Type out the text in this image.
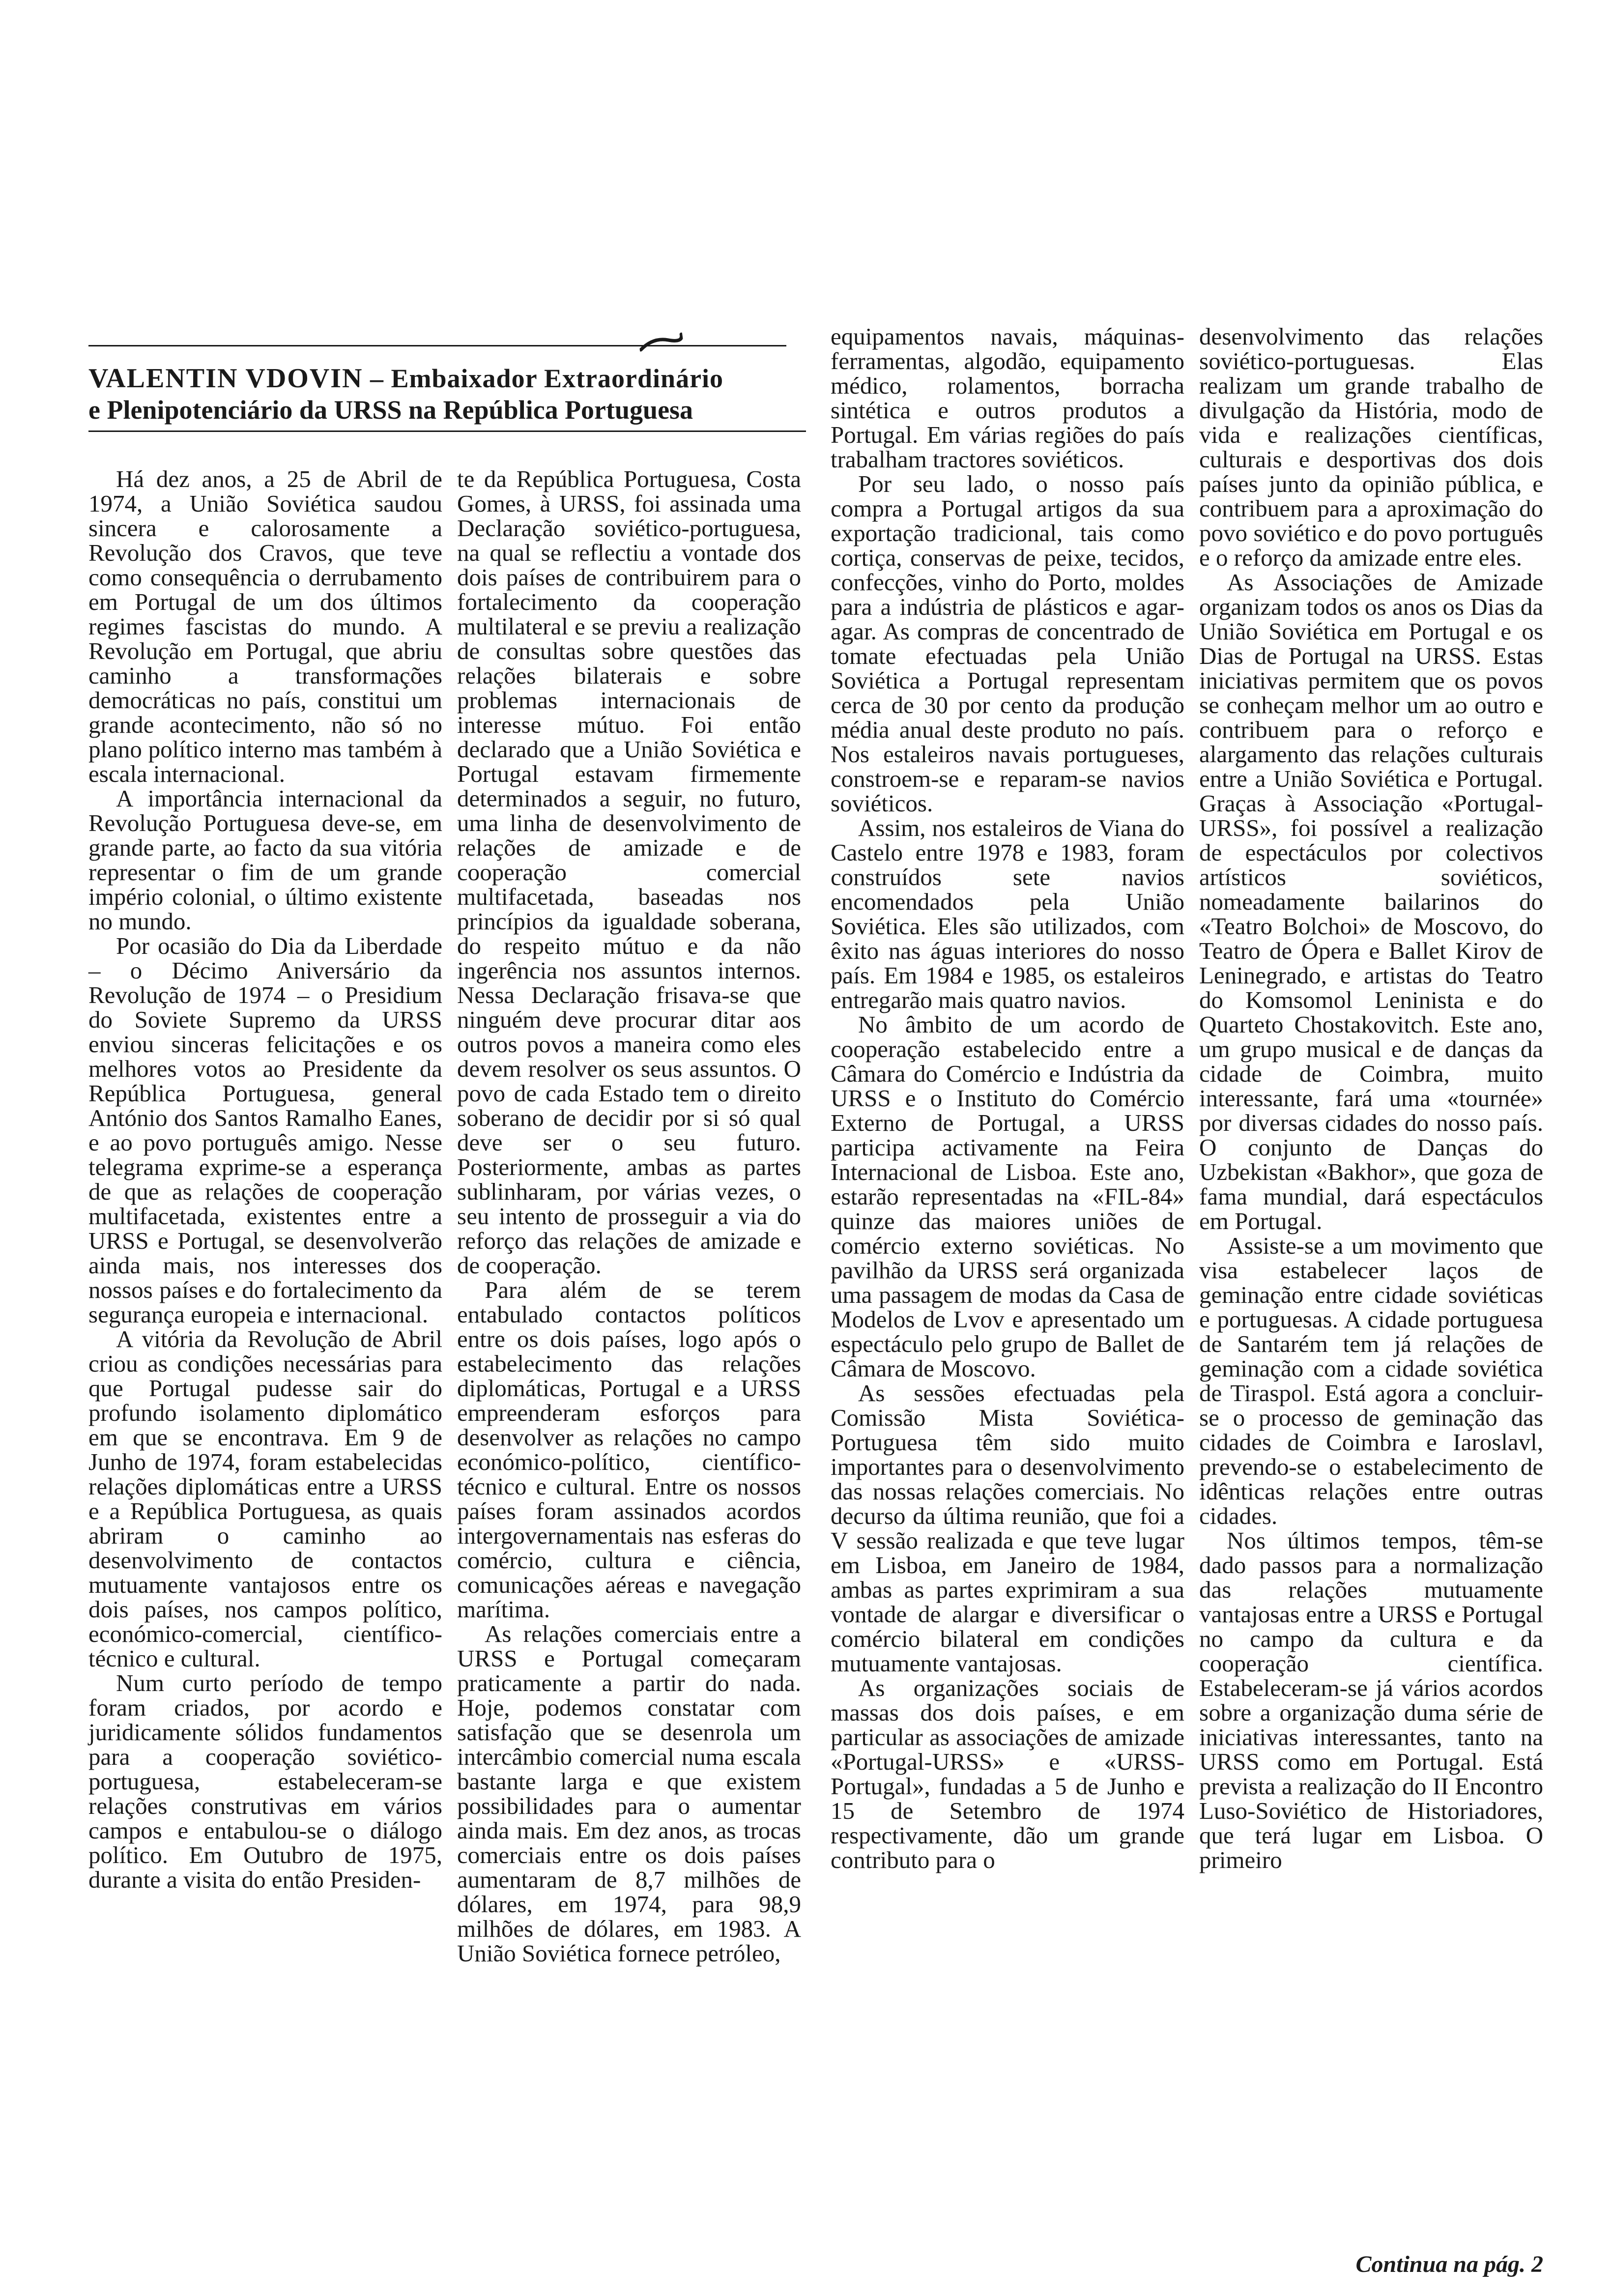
VALENTIN VDOVIN – Embaixador Extraordinário
e Plenipotenciário da URSS na República Portuguesa

Há dez anos, a 25 de Abril de 1974, a União Soviética saudou sincera e calorosamente a Revolução dos Cravos, que teve como consequência o derrubamento em Portugal de um dos últimos regimes fascistas do mundo. A Revolução em Portugal, que abriu caminho a transformações democráticas no país, constitui um grande acontecimento, não só no plano político interno mas também à escala internacional.

A importância internacional da Revolução Portuguesa deve-se, em grande parte, ao facto da sua vitória representar o fim de um grande império colonial, o último existente no mundo.

Por ocasião do Dia da Liberdade – o Décimo Aniversário da Revolução de 1974 – o Presidium do Soviete Supremo da URSS enviou sinceras felicitações e os melhores votos ao Presidente da República Portuguesa, general António dos Santos Ramalho Eanes, e ao povo português amigo. Nesse telegrama exprime-se a esperança de que as relações de cooperação multifacetada, existentes entre a URSS e Portugal, se desenvolverão ainda mais, nos interesses dos nossos países e do fortalecimento da segurança europeia e internacional.

A vitória da Revolução de Abril criou as condições necessárias para que Portugal pudesse sair do profundo isolamento diplomático em que se encontrava. Em 9 de Junho de 1974, foram estabelecidas relações diplomáticas entre a URSS e a República Portuguesa, as quais abriram o caminho ao desenvolvimento de contactos mutuamente vantajosos entre os dois países, nos campos político, económico-comercial, científico-técnico e cultural.

Num curto período de tempo foram criados, por acordo e juridicamente sólidos fundamentos para a cooperação soviético-portuguesa, estabeleceram-se relações construtivas em vários campos e entabulou-se o diálogo político. Em Outubro de 1975, durante a visita do então Presiden-

te da República Portuguesa, Costa Gomes, à URSS, foi assinada uma Declaração soviético-portuguesa, na qual se reflectiu a vontade dos dois países de contribuirem para o fortalecimento da cooperação multilateral e se previu a realização de consultas sobre questões das relações bilaterais e sobre problemas internacionais de interesse mútuo. Foi então declarado que a União Soviética e Portugal estavam firmemente determinados a seguir, no futuro, uma linha de desenvolvimento de relações de amizade e de cooperação comercial multifacetada, baseadas nos princípios da igualdade soberana, do respeito mútuo e da não ingerência nos assuntos internos. Nessa Declaração frisava-se que ninguém deve procurar ditar aos outros povos a maneira como eles devem resolver os seus assuntos. O povo de cada Estado tem o direito soberano de decidir por si só qual deve ser o seu futuro. Posteriormente, ambas as partes sublinharam, por várias vezes, o seu intento de prosseguir a via do reforço das relações de amizade e de cooperação.

Para além de se terem entabulado contactos políticos entre os dois países, logo após o estabelecimento das relações diplomáticas, Portugal e a URSS empreenderam esforços para desenvolver as relações no campo económico-político, científico-técnico e cultural. Entre os nossos países foram assinados acordos intergovernamentais nas esferas do comércio, cultura e ciência, comunicações aéreas e navegação marítima.

As relações comerciais entre a URSS e Portugal começaram praticamente a partir do nada. Hoje, podemos constatar com satisfação que se desenrola um intercâmbio comercial numa escala bastante larga e que existem possibilidades para o aumentar ainda mais. Em dez anos, as trocas comerciais entre os dois países aumentaram de 8,7 milhões de dólares, em 1974, para 98,9 milhões de dólares, em 1983. A União Soviética fornece petróleo,

equipamentos navais, máquinas-ferramentas, algodão, equipamento médico, rolamentos, borracha sintética e outros produtos a Portugal. Em várias regiões do país trabalham tractores soviéticos.

Por seu lado, o nosso país compra a Portugal artigos da sua exportação tradicional, tais como cortiça, conservas de peixe, tecidos, confecções, vinho do Porto, moldes para a indústria de plásticos e agar-agar. As compras de concentrado de tomate efectuadas pela União Soviética a Portugal representam cerca de 30 por cento da produção média anual deste produto no país. Nos estaleiros navais portugueses, constroem-se e reparam-se navios soviéticos.

Assim, nos estaleiros de Viana do Castelo entre 1978 e 1983, foram construídos sete navios encomendados pela União Soviética. Eles são utilizados, com êxito nas águas interiores do nosso país. Em 1984 e 1985, os estaleiros entregarão mais quatro navios.

No âmbito de um acordo de cooperação estabelecido entre a Câmara do Comércio e Indústria da URSS e o Instituto do Comércio Externo de Portugal, a URSS participa activamente na Feira Internacional de Lisboa. Este ano, estarão representadas na «FIL-84» quinze das maiores uniões de comércio externo soviéticas. No pavilhão da URSS será organizada uma passagem de modas da Casa de Modelos de Lvov e apresentado um espectáculo pelo grupo de Ballet de Câmara de Moscovo.

As sessões efectuadas pela Comissão Mista Soviética-Portuguesa têm sido muito importantes para o desenvolvimento das nossas relações comerciais. No decurso da última reunião, que foi a V sessão realizada e que teve lugar em Lisboa, em Janeiro de 1984, ambas as partes exprimiram a sua vontade de alargar e diversificar o comércio bilateral em condições mutuamente vantajosas.

As organizações sociais de massas dos dois países, e em particular as associações de amizade «Portugal-URSS» e «URSS-Portugal», fundadas a 5 de Junho e 15 de Setembro de 1974 respectivamente, dão um grande contributo para o

desenvolvimento das relações soviético-portuguesas. Elas realizam um grande trabalho de divulgação da História, modo de vida e realizações científicas, culturais e desportivas dos dois países junto da opinião pública, e contribuem para a aproximação do povo soviético e do povo português e o reforço da amizade entre eles.

As Associações de Amizade organizam todos os anos os Dias da União Soviética em Portugal e os Dias de Portugal na URSS. Estas iniciativas permitem que os povos se conheçam melhor um ao outro e contribuem para o reforço e alargamento das relações culturais entre a União Soviética e Portugal. Graças à Associação «Portugal-URSS», foi possível a realização de espectáculos por colectivos artísticos soviéticos, nomeadamente bailarinos do «Teatro Bolchoi» de Moscovo, do Teatro de Ópera e Ballet Kirov de Leninegrado, e artistas do Teatro do Komsomol Leninista e do Quarteto Chostakovitch. Este ano, um grupo musical e de danças da cidade de Coimbra, muito interessante, fará uma «tournée» por diversas cidades do nosso país. O conjunto de Danças do Uzbekistan «Bakhor», que goza de fama mundial, dará espectáculos em Portugal.

Assiste-se a um movimento que visa estabelecer laços de geminação entre cidade soviéticas e portuguesas. A cidade portuguesa de Santarém tem já relações de geminação com a cidade soviética de Tiraspol. Está agora a concluir-se o processo de geminação das cidades de Coimbra e Iaroslavl, prevendo-se o estabelecimento de idênticas relações entre outras cidades.

Nos últimos tempos, têm-se dado passos para a normalização das relações mutuamente vantajosas entre a URSS e Portugal no campo da cultura e da cooperação científica. Estabeleceram-se já vários acordos sobre a organização duma série de iniciativas interessantes, tanto na URSS como em Portugal. Está prevista a realização do II Encontro Luso-Soviético de Historiadores, que terá lugar em Lisboa. O primeiro

Continua na pág. 2
